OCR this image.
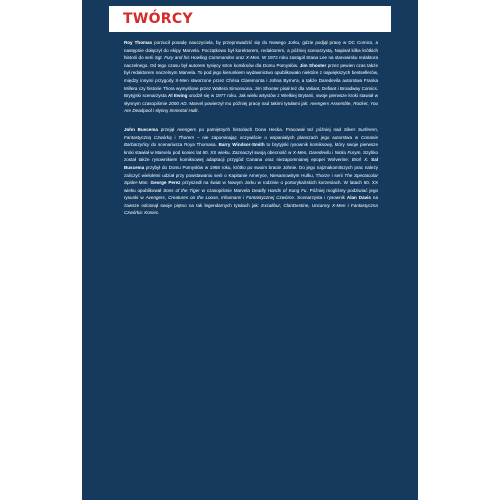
TWÓRCY

Roy Thomas porzucił posadę nauczyciela, by przeprowadzić się do Nowego Jorku, gdzie podjął pracę w DC Comics, a następnie dołączył do ekipy Marvela. Początkowo był korektorem, redaktorem, a później scenarzystą. Napisał kilka krótkich historii do serii Sgt. Fury and his Howling Commandos oraz X-Men. W 1972 roku zastąpił Stana Lee na stanowisku redaktora naczelnego. Od tego czasu był autorem tysięcy stron komiksów dla Domu Pomysłów. Jim Shooter przez pewien czas także był redaktorem naczelnym Marvela. To pod jego kierunkiem wydawnictwo opublikowało niektóre z największych bestsellerów, między innymi przygody X-Men stworzone przez Chrisa Claremonta i Johna Byrne'a, a także Daredevila autorstwa Franka Millera czy historie Thora wymyślone przez Waltera Simonsona. Jim Shooter pisał też dla Valiant, Defiant i Broadway Comics. Brytyjski scenarzysta Al Ewing urodził się w 1977 roku. Jak wielu artystów z Wielkiej Brytanii, swoje pierwsze kroki stawiał w słynnym czasopiśmie 2000 AD. Marvel powierzył mu później pracę nad takimi tytułami jak: Avengers Assemble, Rocket, You Are Deadpool i słynny Immortal Hulk.

John Buscema przejął Avengers po pamiętnych historiach Dona Hecka. Pracował też później nad Silver Surferem, Fantastyczną Czwórką i Thorem – nie zapominając oczywiście o wspaniałych planszach jego autorstwa w Conanie Barbarzyńcy do scenariusza Roya Thomasa. Barry Windsor-Smith to brytyjski rysownik komiksowy, który swoje pierwsze kroki stawiał w Marvelu pod koniec lat 60. XX wieku. Zaznaczył swoją obecność w X-Men, Daredevilu i Nicku Furym. Szybko został także rysownikiem komiksowej adaptacji przygód Conana oraz niezapomnianej epopei Wolverine: Broń X. Sal Buscema przybył do Domu Pomysłów w 1968 roku, krótko po swoim bracie Johnie. Do jego najznakomitszych prac należy zaliczyć wieloletni udział przy powstawaniu serii o Kapitanie Ameryce, Niesamowitym Hulku, Thorze i serii The Spectacular Spider-Man. George Perez przyszedł na świat w Nowym Jorku w rodzinie o portorykańskich korzeniach. W latach 60. XX wieku opublikował Sons of the Tiger w czasopiśmie Marvela Deadly Hands of Kung Fu. Później mogliśmy podziwiać jego rysunki w Avengers, Creatures on the Loose, Inhumans i Fantastycznej Czwórce. Scenarzysta i rysownik Alan Davis na zawsze odcisnął swoje piętno na tak legendarnych tytułach jak: Excalibur, ClanDestine, Uncanny X-Men i Fantastyczna Czwórka: Koniec.
